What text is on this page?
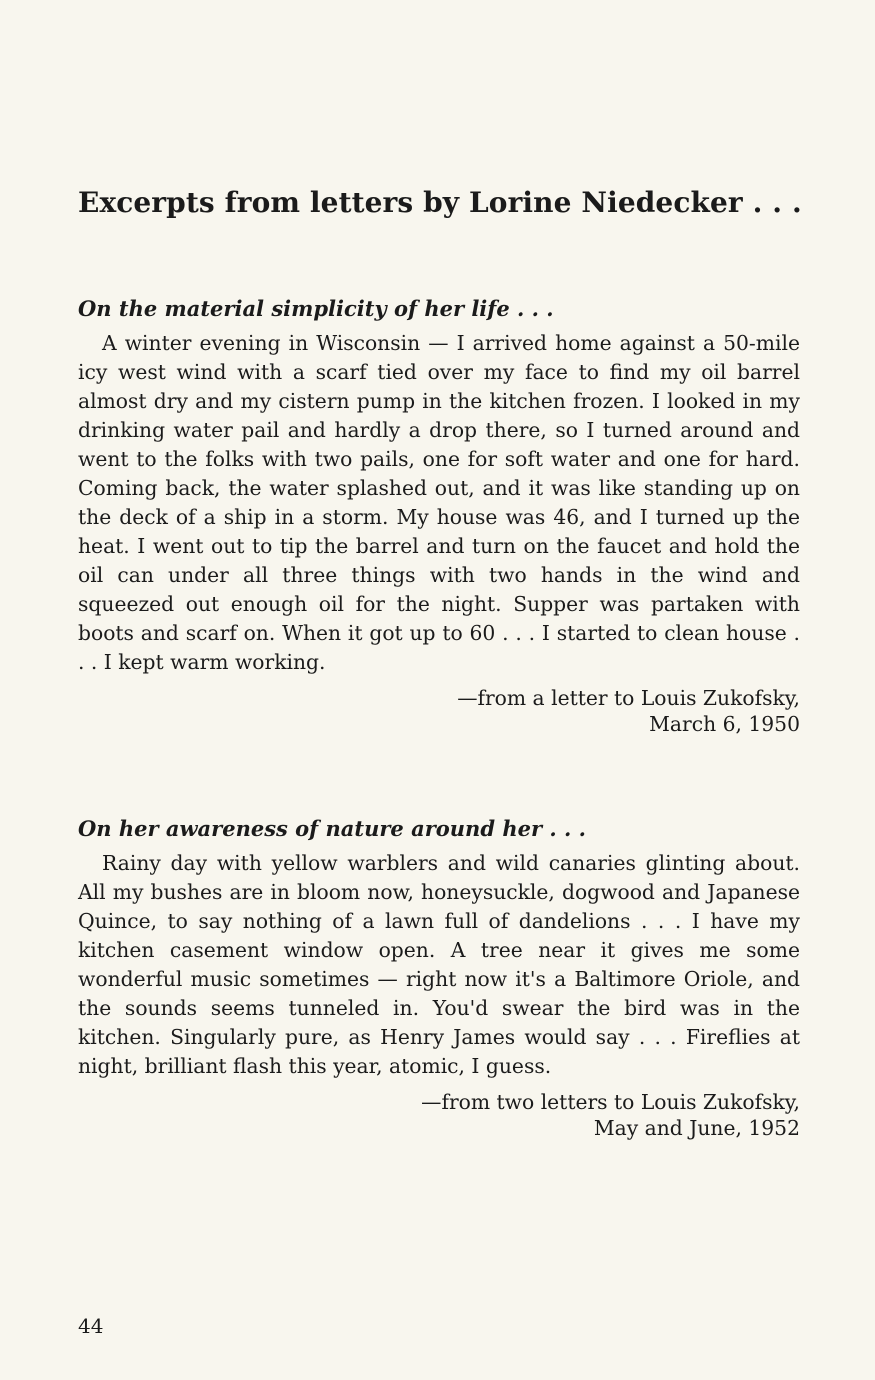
Excerpts from letters by Lorine Niedecker . . .
On the material simplicity of her life . . .

A winter evening in Wisconsin — I arrived home against a 50-mile icy west wind with a scarf tied over my face to find my oil barrel almost dry and my cistern pump in the kitchen frozen. I looked in my drinking water pail and hardly a drop there, so I turned around and went to the folks with two pails, one for soft water and one for hard. Coming back, the water splashed out, and it was like standing up on the deck of a ship in a storm. My house was 46, and I turned up the heat. I went out to tip the barrel and turn on the faucet and hold the oil can under all three things with two hands in the wind and squeezed out enough oil for the night. Supper was partaken with boots and scarf on. When it got up to 60 . . . I started to clean house . . . I kept warm working.

—from a letter to Louis Zukofsky,
March 6, 1950

On her awareness of nature around her . . .

Rainy day with yellow warblers and wild canaries glinting about. All my bushes are in bloom now, honeysuckle, dogwood and Japanese Quince, to say nothing of a lawn full of dandelions . . . I have my kitchen casement window open. A tree near it gives me some wonderful music sometimes — right now it's a Baltimore Oriole, and the sounds seems tunneled in. You'd swear the bird was in the kitchen. Singularly pure, as Henry James would say . . . Fireflies at night, brilliant flash this year, atomic, I guess.

—from two letters to Louis Zukofsky,
May and June, 1952

44
